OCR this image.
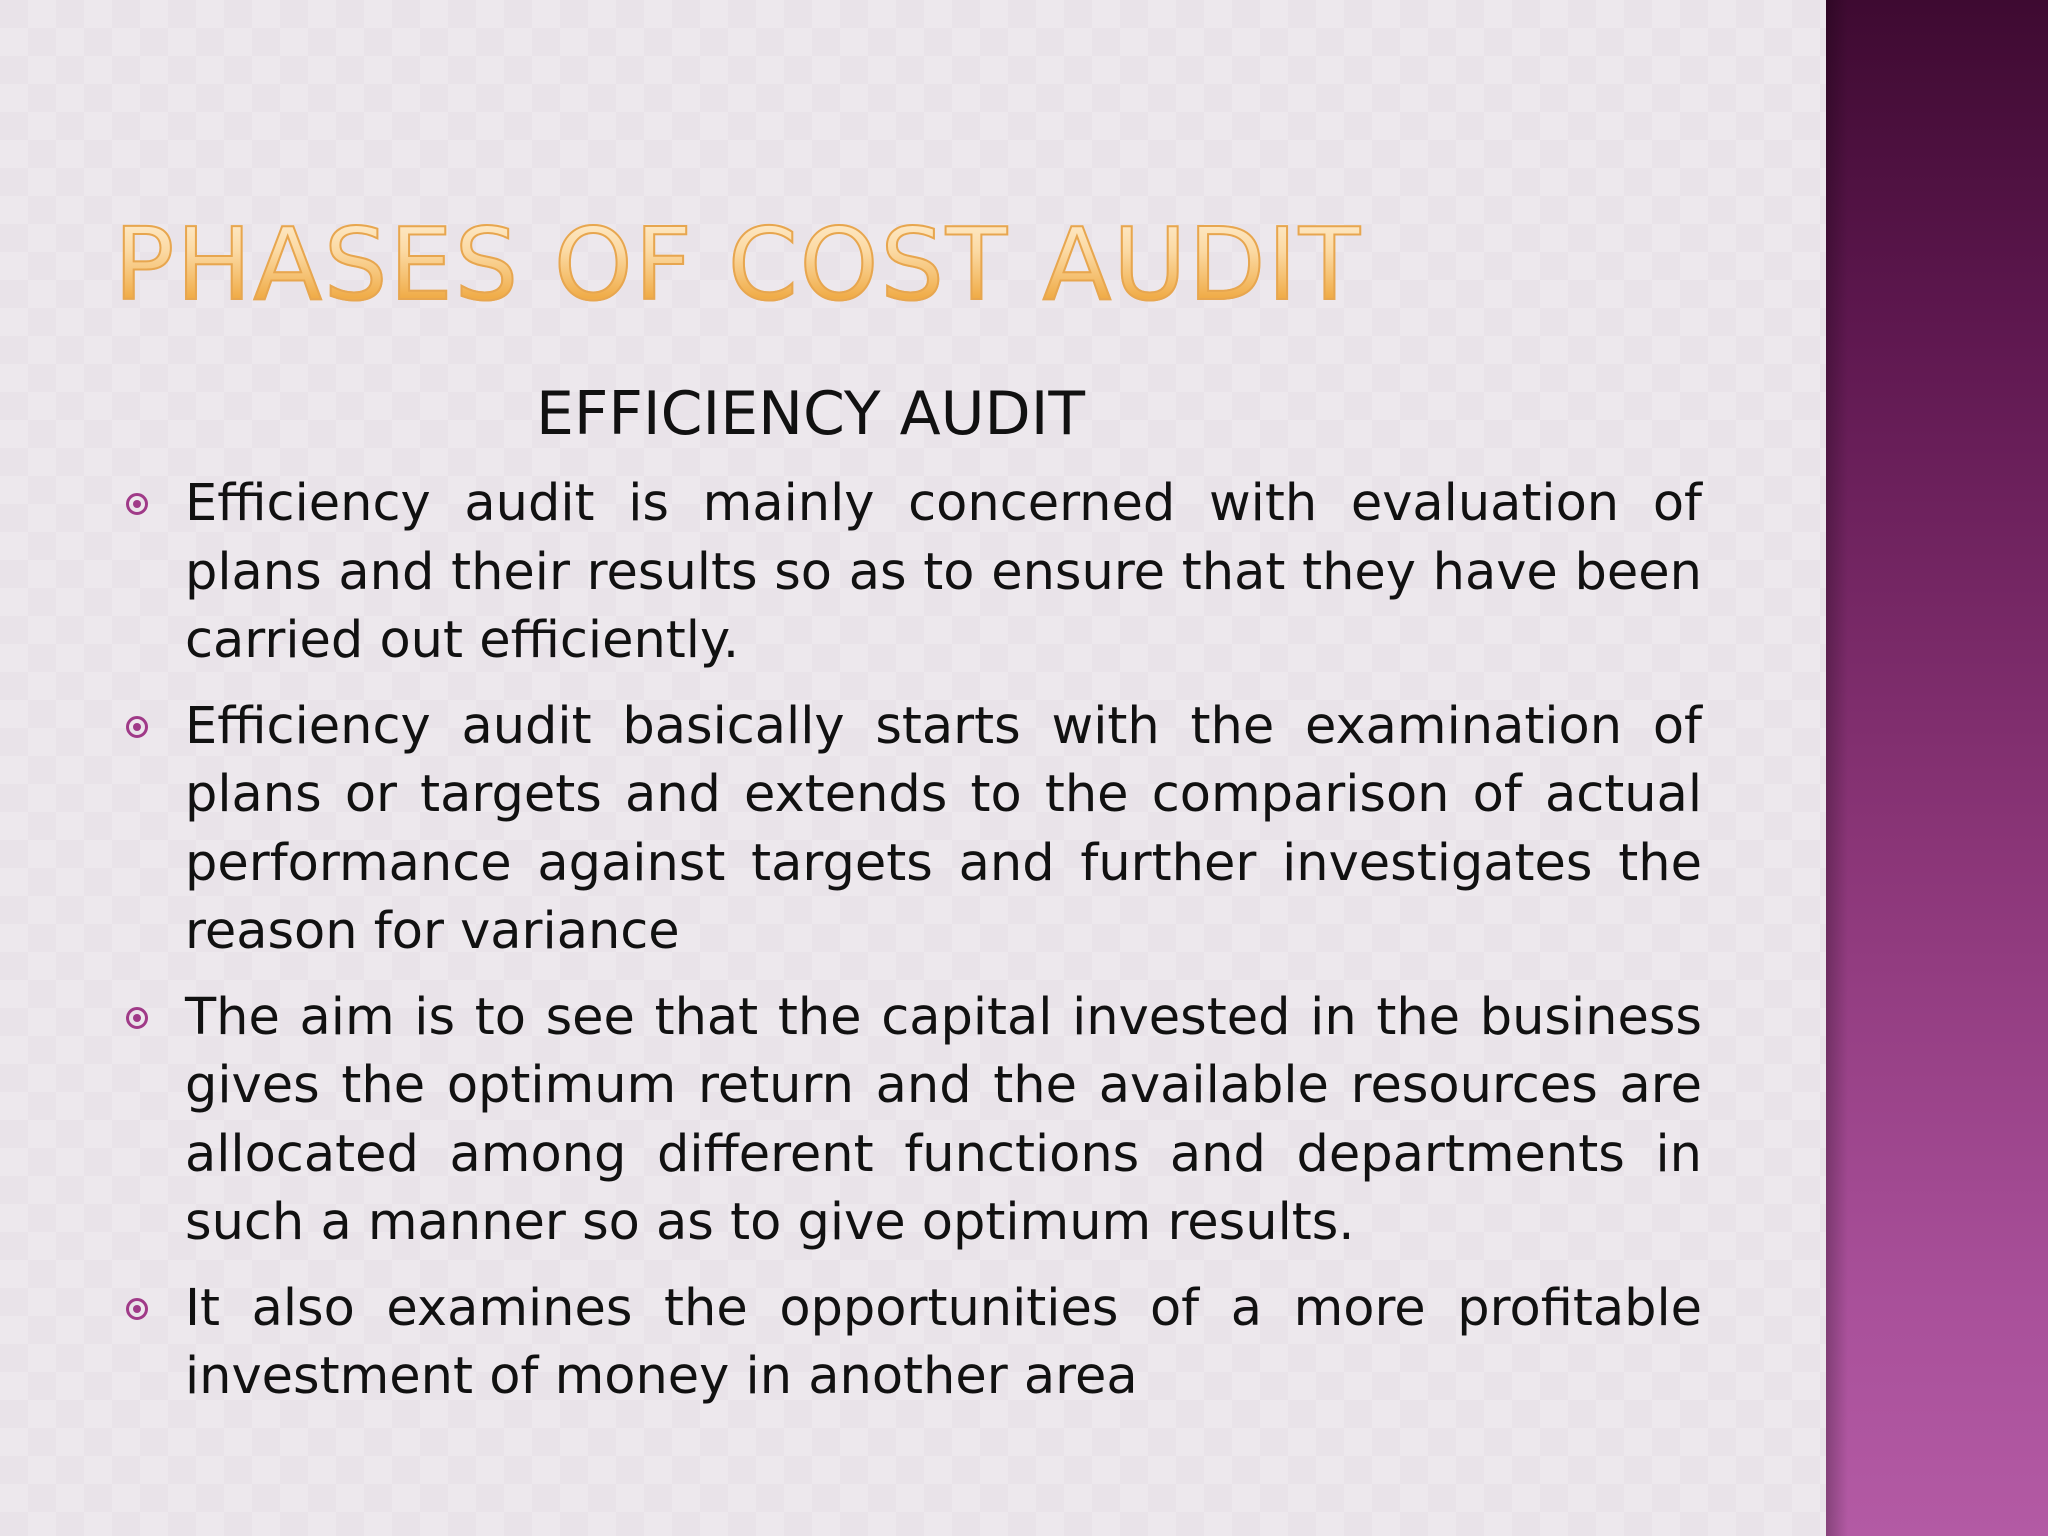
PHASES OF COST AUDIT
EFFICIENCY AUDIT
Efficiency audit is mainly concerned with evaluation of plans and their results so as to ensure that they have been carried out efficiently.
Efficiency audit basically starts with the examination of plans or targets and extends to the comparison of actual performance against targets and further investigates the reason for variance
The aim is to see that the capital invested in the business gives the optimum return and the available resources are allocated among different functions and departments in such a manner so as to give optimum results.
It also examines the opportunities of a more profitable investment of money in another area
